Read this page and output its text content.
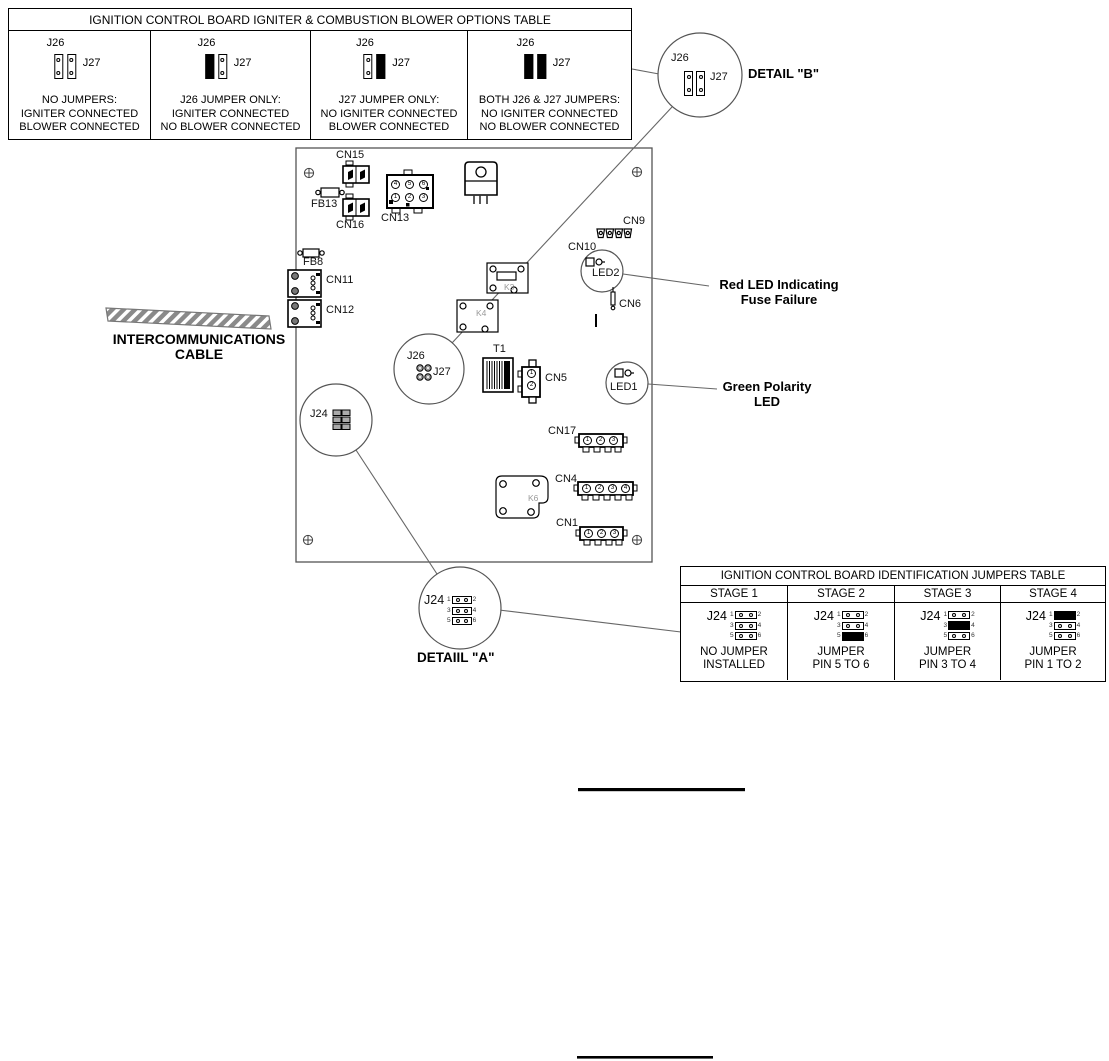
IGNITION CONTROL BOARD IGNITER & COMBUSTION BLOWER OPTIONS TABLE
J26
J27
NO JUMPERS:
IGNITER CONNECTED
BLOWER CONNECTED
J26
J27
J26 JUMPER ONLY:
IGNITER CONNECTED
NO BLOWER CONNECTED
J26
J27
J27 JUMPER ONLY:
NO IGNITER CONNECTED
BLOWER CONNECTED
J26
J27
BOTH J26 & J27 JUMPERS:
NO IGNITER CONNECTED
NO BLOWER CONNECTED
J26
J27 DETAIL "B"
CN15
FB13
CN16
CN13	CN9
CN10
LED2
CN6
FB8
CN11
CN12
K3
K4
J26
J27
T1
CN5
LED1
CN17
K6
CN4
CN1
J24
4	5	6
1	2	3
1
2
1	2	3
1	2	3	4
1	2	3
Red LED Indicating
Fuse Failure
Green Polarity
LED
INTERCOMMUNICATIONS
CABLE
J24 1	2
3	4
5	6
DETAIIL "A"
IGNITION CONTROL BOARD IDENTIFICATION JUMPERS TABLE
STAGE 1
J24 1	2
3	4
5	6
NO JUMPER
INSTALLED
STAGE 2
J24 1	2
3	4
5	6
JUMPER
PIN 5 TO 6
STAGE 3
J24 1	2
3	4
5	6
JUMPER
PIN 3 TO 4
STAGE 4
J24 1	2
3	4
5	6
JUMPER
PIN 1 TO 2
